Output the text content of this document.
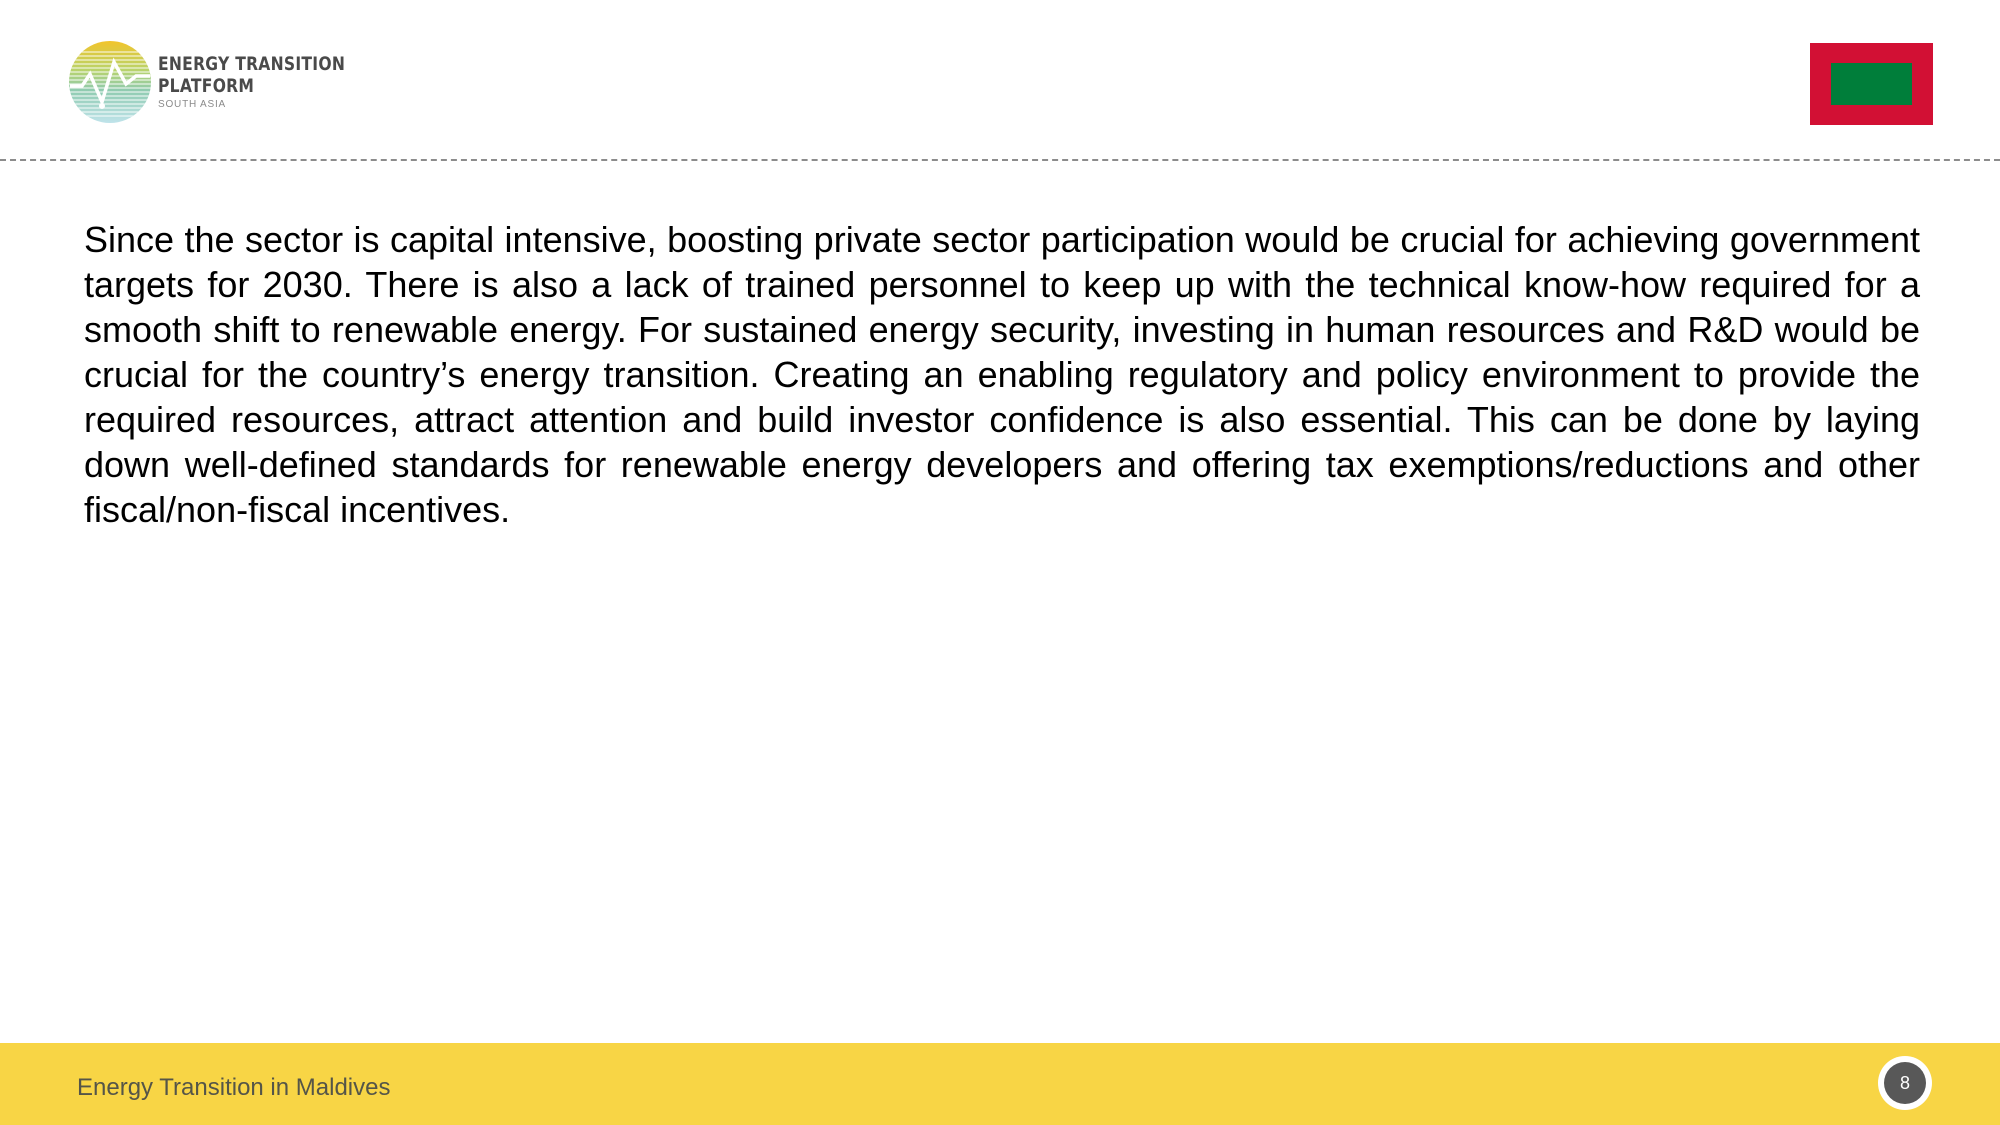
ENERGY TRANSITION
PLATFORM
SOUTH ASIA

Since the sector is capital intensive, boosting private sector participation would be crucial for achieving government targets for 2030. There is also a lack of trained personnel to keep up with the technical know-how required for a smooth shift to renewable energy. For sustained energy security, investing in human resources and R&D would be crucial for the country’s energy transition. Creating an enabling regulatory and policy environment to provide the required resources, attract attention and build investor confidence is also essential. This can be done by laying down well-defined standards for renewable energy developers and offering tax exemptions/reductions and other fiscal/non-fiscal incentives.

Energy Transition in Maldives	8
